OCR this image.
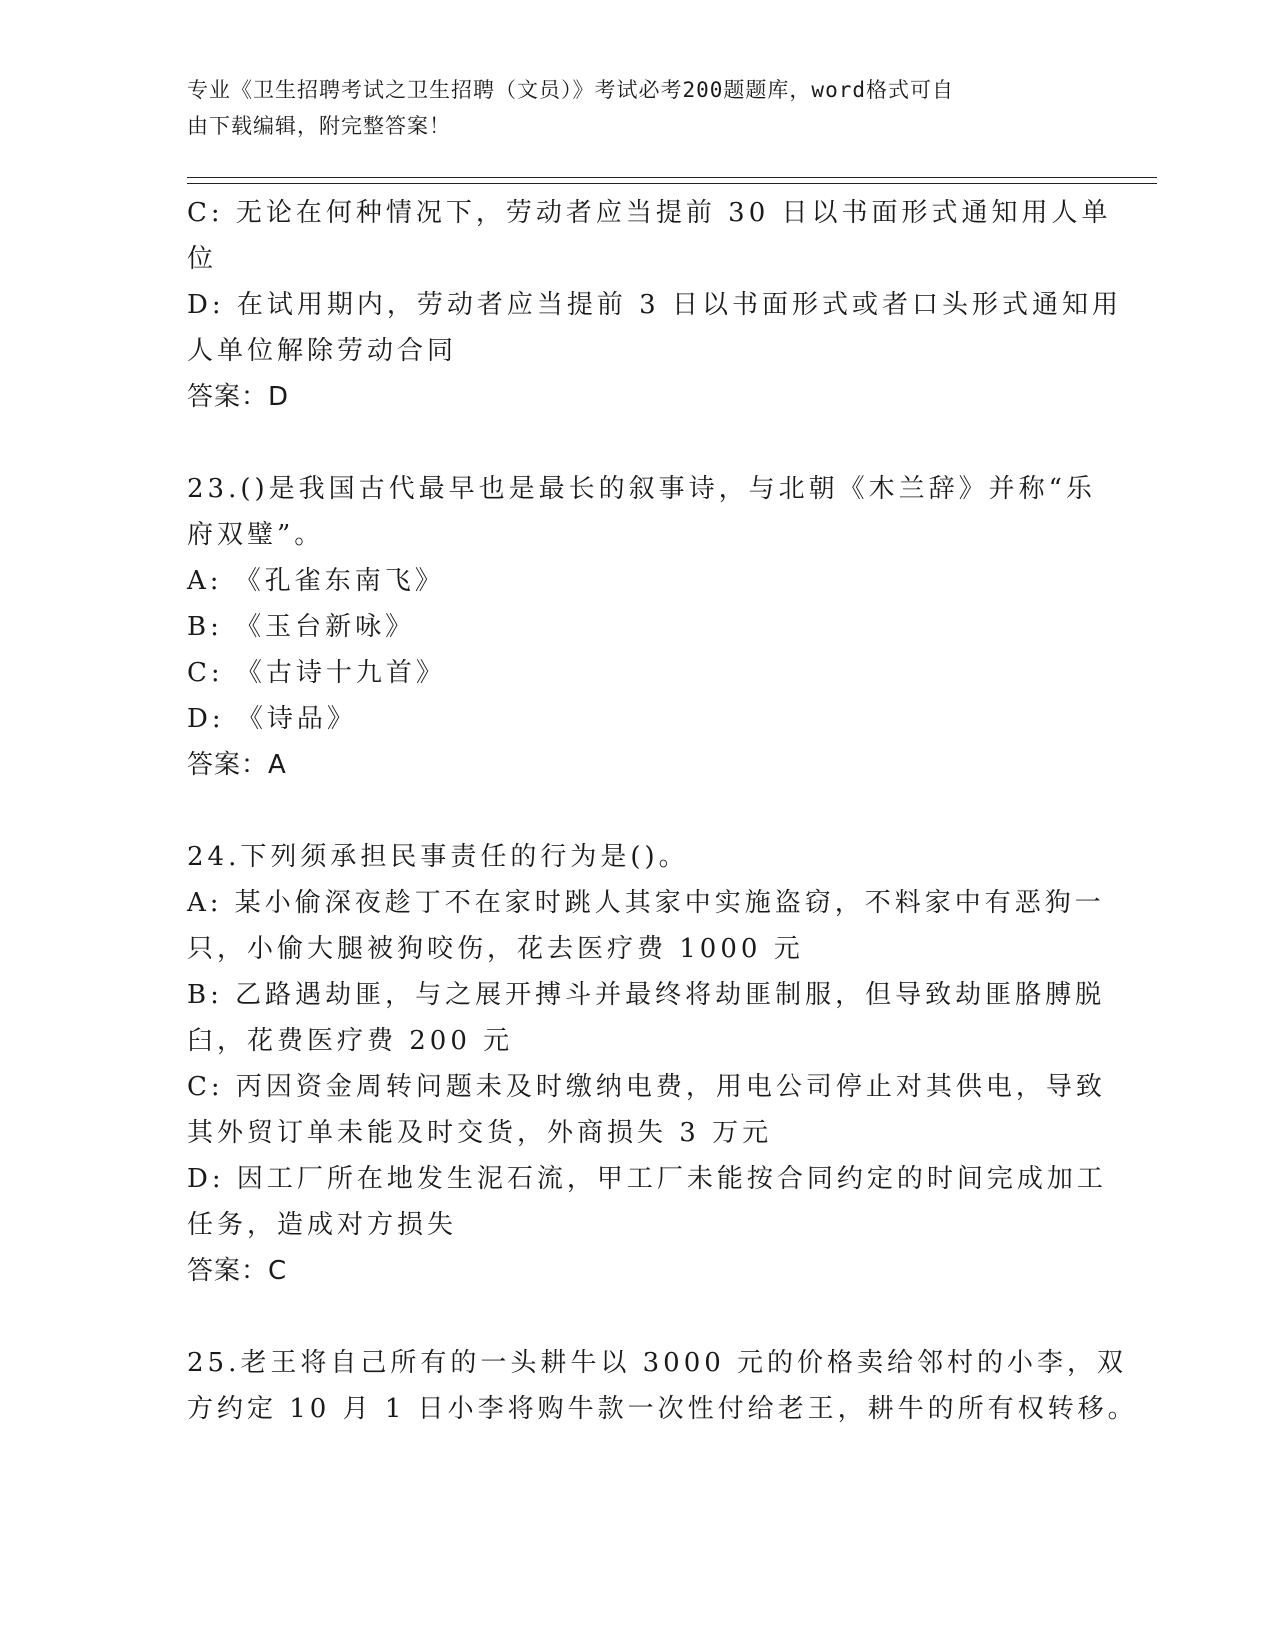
专业《卫生招聘考试之卫生招聘（文员）》考试必考200题题库，word格式可自
由下载编辑，附完整答案！
C: 无论在何种情况下，劳动者应当提前 30 日以书面形式通知用人单
位
D: 在试用期内，劳动者应当提前 3 日以书面形式或者口头形式通知用
人单位解除劳动合同
答案：D
23.()是我国古代最早也是最长的叙事诗，与北朝《木兰辞》并称“乐
府双璧”。
A: 《孔雀东南飞》
B: 《玉台新咏》
C: 《古诗十九首》
D: 《诗品》
答案：A
24.下列须承担民事责任的行为是()。
A: 某小偷深夜趁丁不在家时跳人其家中实施盗窃，不料家中有恶狗一
只，小偷大腿被狗咬伤，花去医疗费 1000 元
B: 乙路遇劫匪，与之展开搏斗并最终将劫匪制服，但导致劫匪胳膊脱
臼，花费医疗费 200 元
C: 丙因资金周转问题未及时缴纳电费，用电公司停止对其供电，导致
其外贸订单未能及时交货，外商损失 3 万元
D: 因工厂所在地发生泥石流，甲工厂未能按合同约定的时间完成加工
任务，造成对方损失
答案：C
25.老王将自己所有的一头耕牛以 3000 元的价格卖给邻村的小李，双
方约定 10 月 1 日小李将购牛款一次性付给老王，耕牛的所有权转移。
